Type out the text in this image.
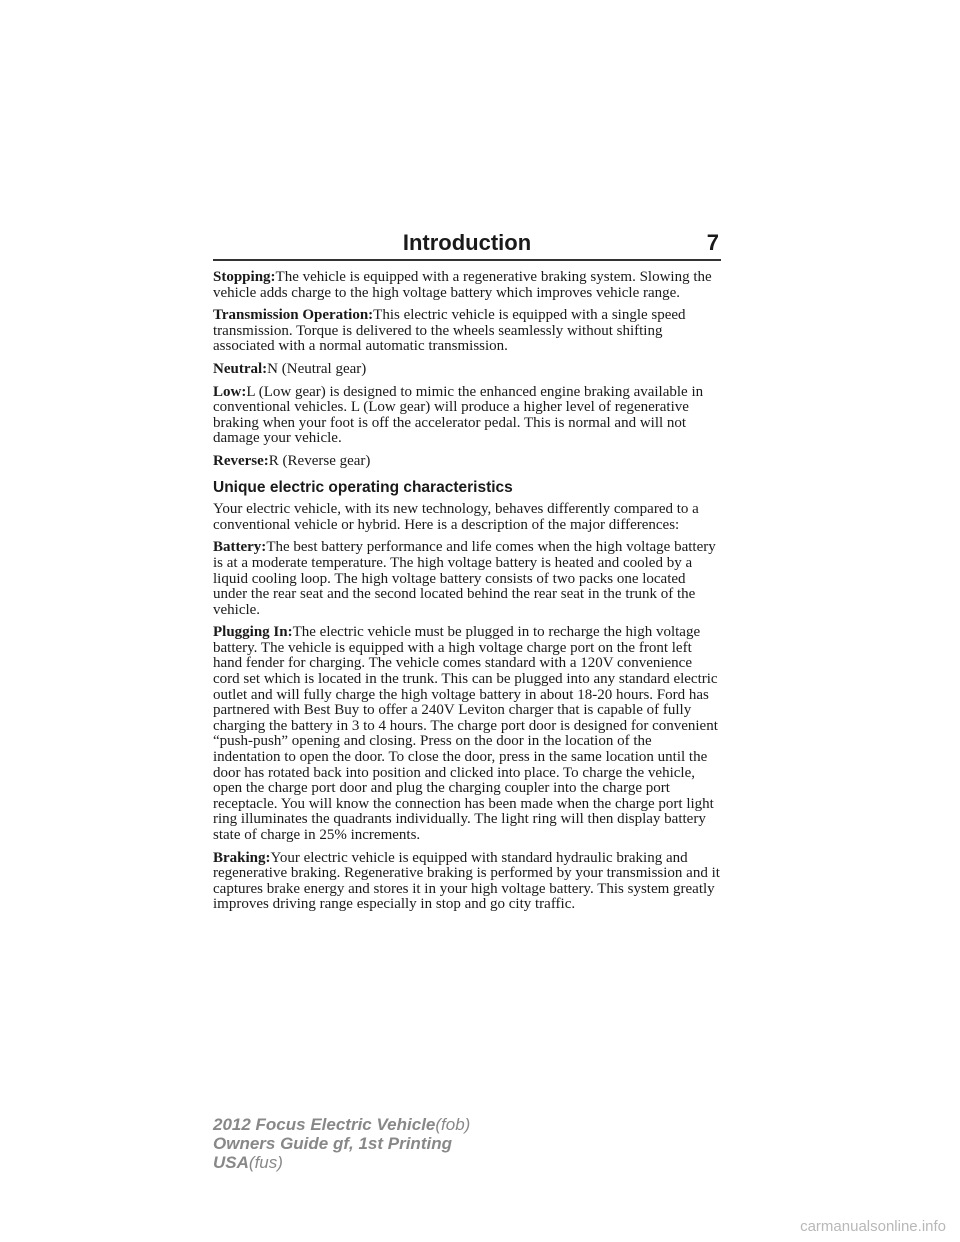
Introduction	7

Stopping:The vehicle is equipped with a regenerative braking system. Slowing the vehicle adds charge to the high voltage battery which improves vehicle range.

Transmission Operation:This electric vehicle is equipped with a single speed transmission. Torque is delivered to the wheels seamlessly without shifting associated with a normal automatic transmission.

Neutral:N (Neutral gear)

Low:L (Low gear) is designed to mimic the enhanced engine braking available in conventional vehicles. L (Low gear) will produce a higher level of regenerative braking when your foot is off the accelerator pedal. This is normal and will not damage your vehicle.

Reverse:R (Reverse gear)

Unique electric operating characteristics

Your electric vehicle, with its new technology, behaves differently compared to a conventional vehicle or hybrid. Here is a description of the major differences:

Battery:The best battery performance and life comes when the high voltage battery is at a moderate temperature. The high voltage battery is heated and cooled by a liquid cooling loop. The high voltage battery consists of two packs one located under the rear seat and the second located behind the rear seat in the trunk of the vehicle.

Plugging In:The electric vehicle must be plugged in to recharge the high voltage battery. The vehicle is equipped with a high voltage charge port on the front left hand fender for charging. The vehicle comes standard with a 120V convenience cord set which is located in the trunk. This can be plugged into any standard electric outlet and will fully charge the high voltage battery in about 18-20 hours. Ford has partnered with Best Buy to offer a 240V Leviton charger that is capable of fully charging the battery in 3 to 4 hours. The charge port door is designed for convenient “push-push” opening and closing. Press on the door in the location of the indentation to open the door. To close the door, press in the same location until the door has rotated back into position and clicked into place. To charge the vehicle, open the charge port door and plug the charging coupler into the charge port receptacle. You will know the connection has been made when the charge port light ring illuminates the quadrants individually. The light ring will then display battery state of charge in 25% increments.

Braking:Your electric vehicle is equipped with standard hydraulic braking and regenerative braking. Regenerative braking is performed by your transmission and it captures brake energy and stores it in your high voltage battery. This system greatly improves driving range especially in stop and go city traffic.

2012 Focus Electric Vehicle(fob)
Owners Guide gf, 1st Printing
USA(fus)
carmanualsonline.info
